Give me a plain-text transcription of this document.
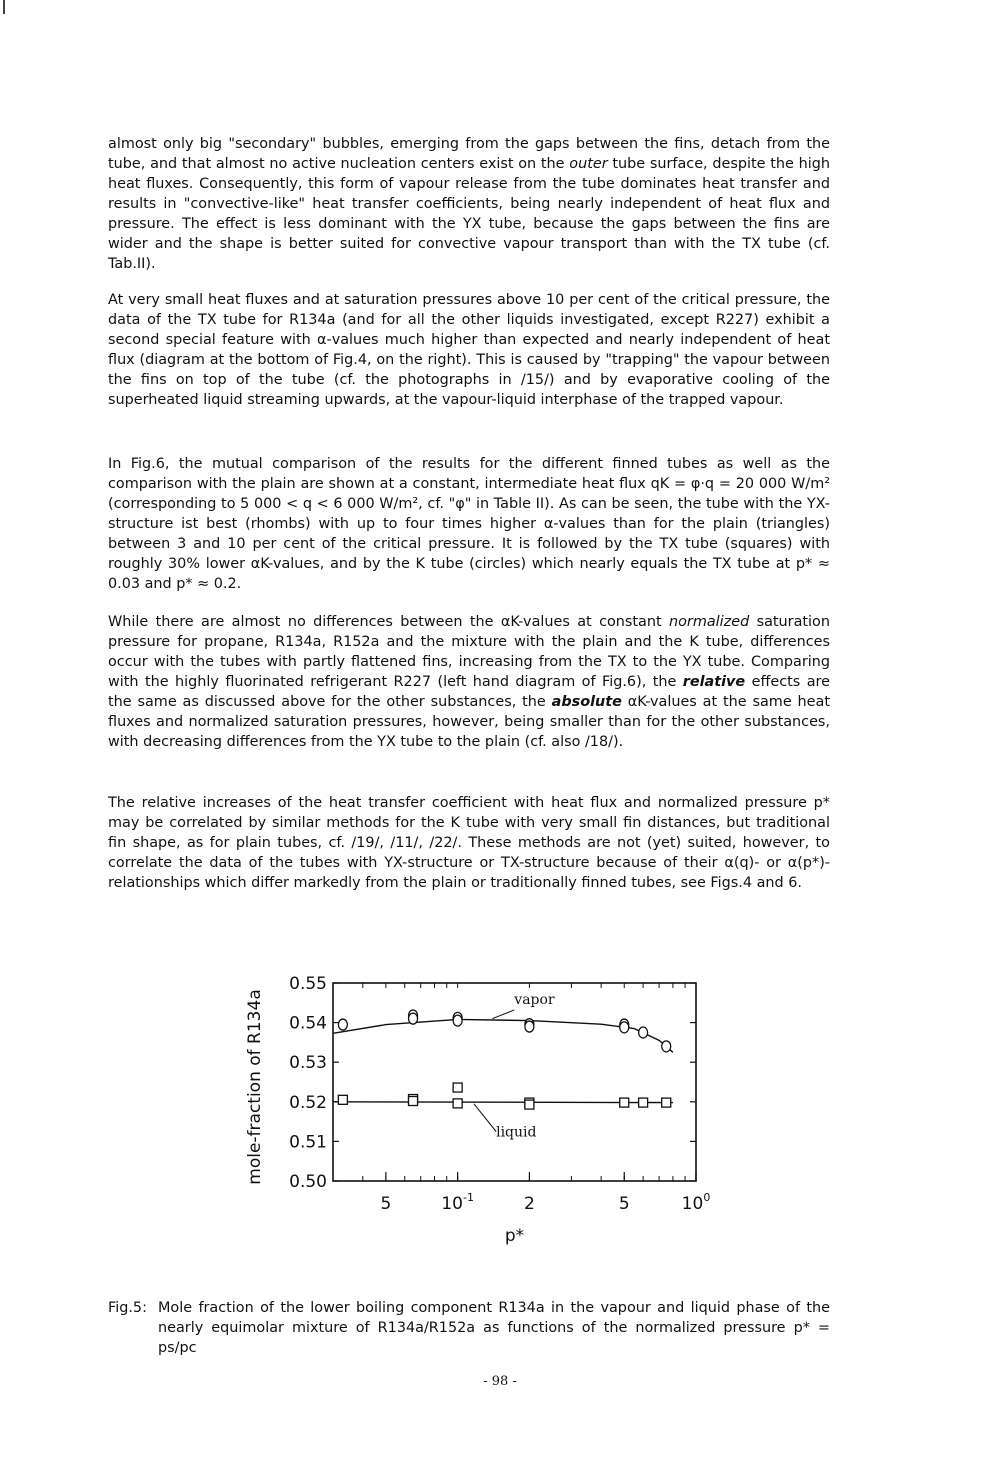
almost only big "secondary" bubbles, emerging from the gaps between the fins, detach from the tube, and that almost no active nucleation centers exist on the outer tube surface, despite the high heat fluxes. Consequently, this form of vapour release from the tube dominates heat transfer and results in "convective-like" heat transfer coefficients, being nearly independent of heat flux and pressure. The effect is less dominant with the YX tube, because the gaps between the fins are wider and the shape is better suited for convective vapour transport than with the TX tube (cf. Tab.II).

At very small heat fluxes and at saturation pressures above 10 per cent of the critical pressure, the data of the TX tube for R134a (and for all the other liquids investigated, except R227) exhibit a second special feature with α-values much higher than expected and nearly independent of heat flux (diagram at the bottom of Fig.4, on the right). This is caused by "trapping" the vapour between the fins on top of the tube (cf. the photographs in /15/) and by evaporative cooling of the superheated liquid streaming upwards, at the vapour-liquid interphase of the trapped vapour.

In Fig.6, the mutual comparison of the results for the different finned tubes as well as the comparison with the plain are shown at a constant, intermediate heat flux qK = φ·q = 20 000 W/m² (corresponding to 5 000 < q < 6 000 W/m², cf. "φ" in Table II). As can be seen, the tube with the YX-structure ist best (rhombs) with up to four times higher α-values than for the plain (triangles) between 3 and 10 per cent of the critical pressure. It is followed by the TX tube (squares) with roughly 30% lower αK-values, and by the K tube (circles) which nearly equals the TX tube at p* ≈ 0.03 and p* ≈ 0.2.

While there are almost no differences between the αK-values at constant normalized saturation pressure for propane, R134a, R152a and the mixture with the plain and the K tube, differences occur with the tubes with partly flattened fins, increasing from the TX to the YX tube. Comparing with the highly fluorinated refrigerant R227 (left hand diagram of Fig.6), the relative effects are the same as discussed above for the other substances, the absolute αK-values at the same heat fluxes and normalized saturation pressures, however, being smaller than for the other substances, with decreasing differences from the YX tube to the plain (cf. also /18/).

The relative increases of the heat transfer coefficient with heat flux and normalized pressure p* may be correlated by similar methods for the K tube with very small fin distances, but traditional fin shape, as for plain tubes, cf. /19/, /11/, /22/. These methods are not (yet) suited, however, to correlate the data of the tubes with YX-structure or TX-structure because of their α(q)- or α(p*)-relationships which differ markedly from the plain or traditionally finned tubes, see Figs.4 and 6.

0.50
0.51
0.52
0.53
0.54
0.55
5	$10^{-1}$	2	5	$10^0$
p*
mole-fraction of R134a	vapor
liquid
Fig.5: Mole fraction of the lower boiling component R134a in the vapour and liquid phase of the nearly equimolar mixture of R134a/R152a as functions of the normalized pressure p* = ps/pc
- 98 -
